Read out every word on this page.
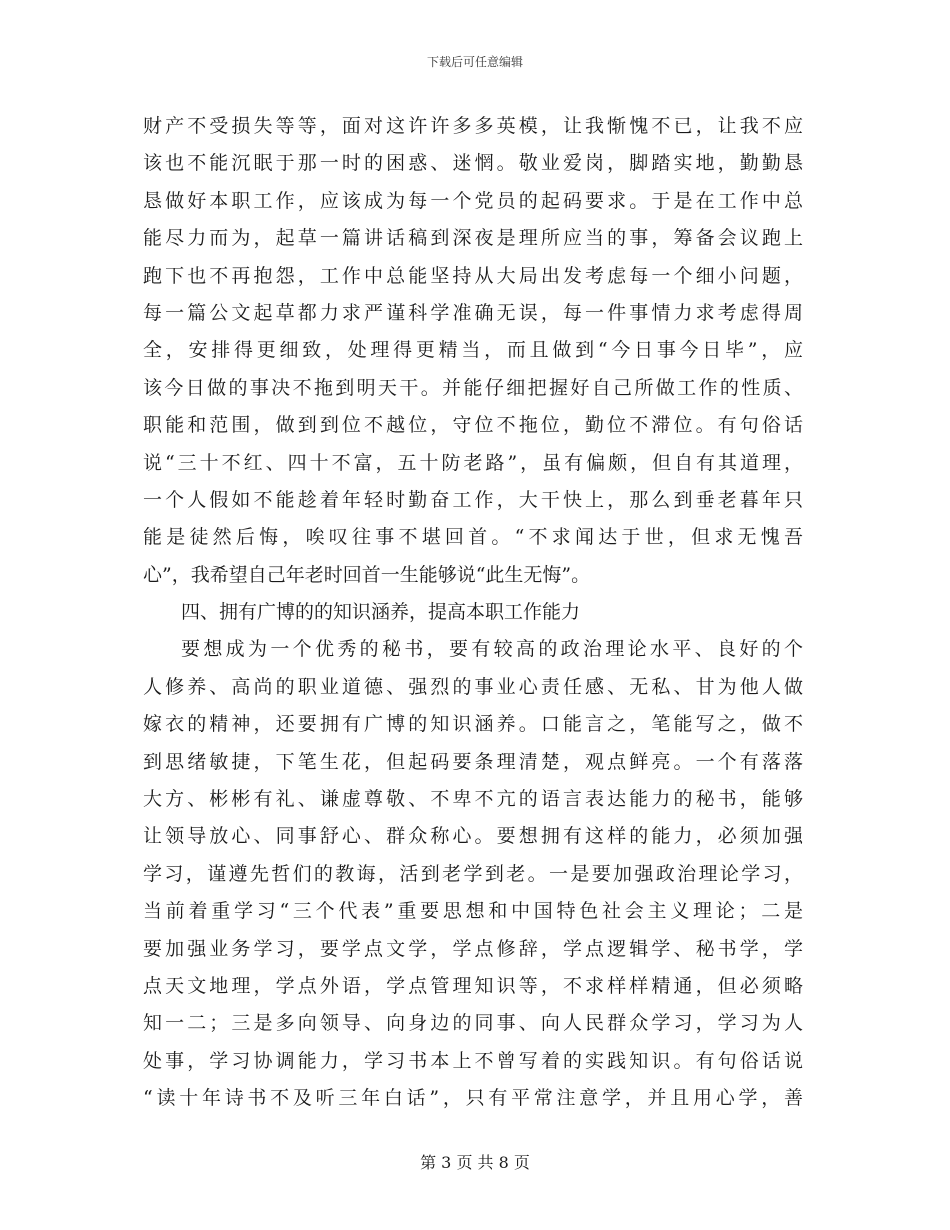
下载后可任意编辑
财产不受损失等等，面对这许许多多英模，让我惭愧不已，让我不应
该也不能沉眠于那一时的困惑、迷惘。敬业爱岗，脚踏实地，勤勤恳
恳做好本职工作，应该成为每一个党员的起码要求。于是在工作中总
能尽力而为，起草一篇讲话稿到深夜是理所应当的事，筹备会议跑上
跑下也不再抱怨，工作中总能坚持从大局出发考虑每一个细小问题，
每一篇公文起草都力求严谨科学准确无误，每一件事情力求考虑得周
全，安排得更细致，处理得更精当，而且做到“今日事今日毕”，应
该今日做的事决不拖到明天干。并能仔细把握好自己所做工作的性质、
职能和范围，做到到位不越位，守位不拖位，勤位不滞位。有句俗话
说“三十不红、四十不富，五十防老路”，虽有偏颇，但自有其道理，
一个人假如不能趁着年轻时勤奋工作，大干快上，那么到垂老暮年只
能是徒然后悔，唉叹往事不堪回首。“不求闻达于世，但求无愧吾
心”，我希望自己年老时回首一生能够说“此生无悔”。
四、拥有广博的的知识涵养，提高本职工作能力
要想成为一个优秀的秘书，要有较高的政治理论水平、良好的个
人修养、高尚的职业道德、强烈的事业心责任感、无私、甘为他人做
嫁衣的精神，还要拥有广博的知识涵养。口能言之，笔能写之，做不
到思绪敏捷，下笔生花，但起码要条理清楚，观点鲜亮。一个有落落
大方、彬彬有礼、谦虚尊敬、不卑不亢的语言表达能力的秘书，能够
让领导放心、同事舒心、群众称心。要想拥有这样的能力，必须加强
学习，谨遵先哲们的教诲，活到老学到老。一是要加强政治理论学习，
当前着重学习“三个代表”重要思想和中国特色社会主义理论；二是
要加强业务学习，要学点文学，学点修辞，学点逻辑学、秘书学，学
点天文地理，学点外语，学点管理知识等，不求样样精通，但必须略
知一二；三是多向领导、向身边的同事、向人民群众学习，学习为人
处事，学习协调能力，学习书本上不曾写着的实践知识。有句俗话说
“读十年诗书不及听三年白话”，只有平常注意学，并且用心学，善
第 3 页 共 8 页
